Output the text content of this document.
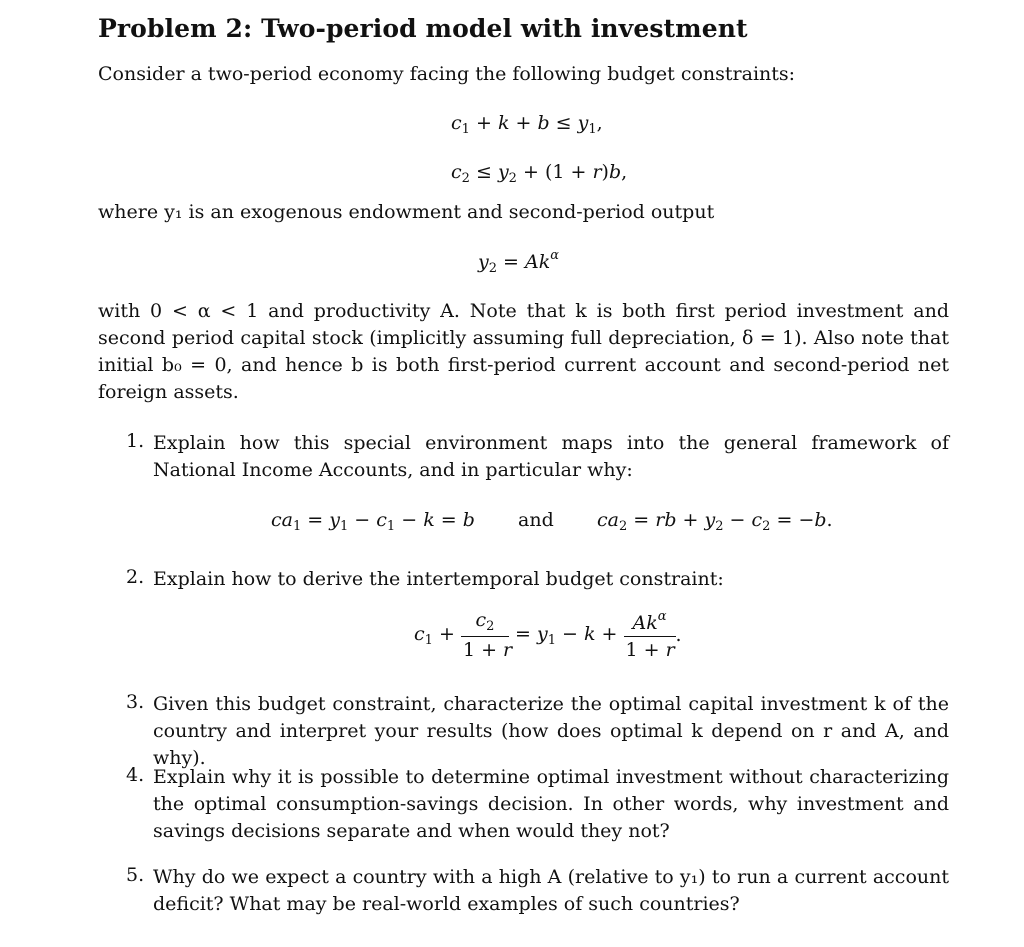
Problem 2: Two-period model with investment
Consider a two-period economy facing the following budget constraints:
$c_1 + k + b \le y_1$,
$c_2 \le y_2 + (1 + r)b$,
where y₁ is an exogenous endowment and second-period output
$y_2 = Ak^\alpha$
with 0 < α < 1 and productivity A. Note that k is both first period investment and second period capital stock (implicitly assuming full depreciation, δ = 1). Also note that initial b₀ = 0, and hence b is both first-period current account and second-period net foreign assets.
1. Explain how this special environment maps into the general framework of National Income Accounts, and in particular why:
$ca_1 = y_1 - c_1 - k = b$ and $ca_2$ = rb + $y_2 - c_2 = -b$.
2. Explain how to derive the intertemporal budget constraint:
$c_1 + \frac{c_2}{1 + r} = y_1 - k + \frac{Ak^\alpha}{1 + r}$ .
3. Given this budget constraint, characterize the optimal capital investment k of the country and interpret your results (how does optimal k depend on r and A, and why).
4. Explain why it is possible to determine optimal investment without characterizing the optimal consumption-savings decision. In other words, why investment and savings decisions separate and when would they not?
5. Why do we expect a country with a high A (relative to y₁) to run a current account deficit? What may be real-world examples of such countries?
